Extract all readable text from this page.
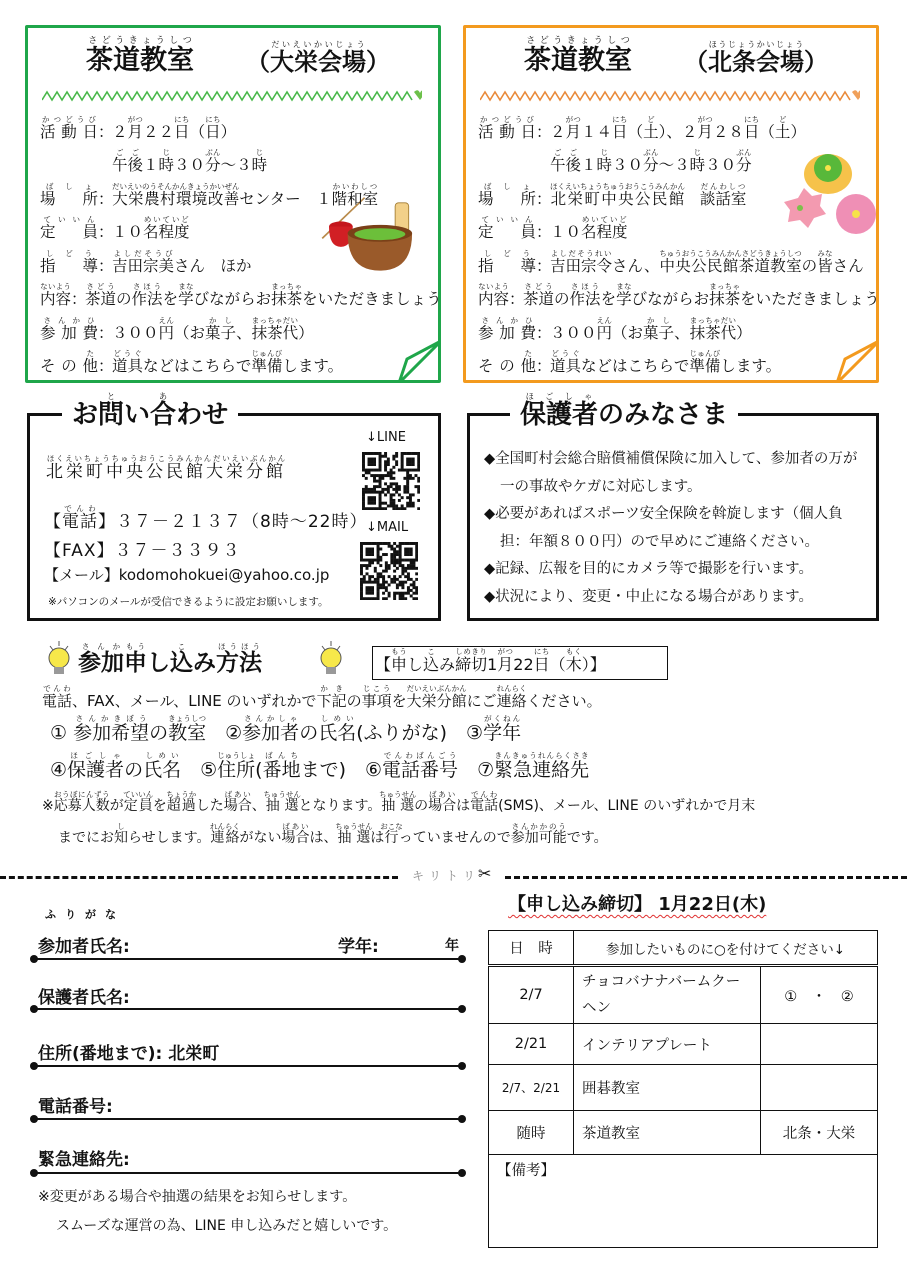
茶道教室さどうきょうしつ
（大栄会場だいえいかいじょう）
活動日かつどうび
：
２月がつ２２日にち（日にち）
午後ごご１時じ３０分ぶん～３時じ
場所ばしょ
：
大栄農村環境改善だいえいのうそんかんきょうかいぜんセンター　１階和室かいわしつ
定員ていいん
：
１０名程度めいていど
指導しどう
：
吉田宗美よしだそうびさん　ほか
内容ないよう
：
茶道さどうの作法さほうを学まなびながらお抹茶まっちゃをいただきましょう
参加費さんかひ
：
３００円えん（お菓子かし、抹茶代まっちゃだい）
その他た
：
道具どうぐなどはこちらで準備じゅんびします。
茶道教室さどうきょうしつ
（北条会場ほうじょうかいじょう）
活動日かつどうび
：
２月がつ１４日にち（土ど）、２月がつ２８日にち（土ど）
午後ごご１時じ３０分ぶん～３時じ３０分ぶん
場所ばしょ
：
北栄町中央公民館ほくえいちょうちゅうおうこうみんかん　談話室だんわしつ
定員ていいん
：
１０名程度めいていど
指導しどう
：
吉田宗令よしだそうれいさん、中央公民館茶道教室ちゅうおうこうみんかんさどうきょうしつの皆みなさん
内容ないよう
：
茶道さどうの作法さほうを学まなびながらお抹茶まっちゃをいただきましょう
参加費さんかひ
：
３００円えん（お菓子かし、抹茶代まっちゃだい）
その他た
：
道具どうぐなどはこちらで準備じゅんびします。
お問とい合あわせ
北栄町中央公民館大栄分館ほくえいちょうちゅうおうこうみんかんだいえいぶんかん
【電話でんわ】３７－２１３７（8時～22時）
【FAX】３７－３３９３
【メール】kodomohokuei@yahoo.co.jp
※パソコンのメールが受信できるように設定お願いします。
↓LINE
↓MAIL
保護者ほごしゃのみなさま
◆全国町村会総合賠償補償保険に加入して、参加者の万が一の事故やケガに対応します。
◆必要があればスポーツ安全保険を斡旋します（個人負担：年額８００円）ので早めにご連絡ください。
◆記録、広報を目的にカメラ等で撮影を行います。
◆状況により、変更・中止になる場合があります。
参加さんか申もうし込こみ方法ほうほう
【申もうし込こみ締切しめきり1月がつ22日にち（木もく）】
電話でんわ、FAX、メール、LINE のいずれかで下記かきの事項じこうを大栄分館だいえいぶんかんにご連絡れんらくください。
① 参加希望さんかきぼうの教室きょうしつ　②参加者さんかしゃの氏名しめい(ふりがな)　③学年がくねん
④保護者ほごしゃの氏名しめい　⑤住所じゅうしょ(番地ばんちまで)　⑥電話番号でんわばんごう　⑦緊急連絡先きんきゅうれんらくさき
※応募人数おうぼにんずうが定員ていいんを超過ちょうかした場合ばあい、抽選ちゅうせんとなります。抽選ちゅうせんの場合ばあいは電話でんわ(SMS)、メール、LINE のいずれかで月末
までにお知しらせします。連絡れんらくがない場合ばあいは、抽選ちゅうせんは行おこなっていませんので参加可能さんかかのうです。
キリトリ
✂
ふりがな
参加者氏名:	学年:	年
保護者氏名:
住所(番地まで): 北栄町
電話番号:
緊急連絡先:
※変更がある場合や抽選の結果をお知らせします。
スムーズな運営の為、LINE 申し込みだと嬉しいです。
【申し込み締切】 1月22日(木)
日　時	参加したいものに○を付けてください↓	
2/7	チョコバナナバームクーヘン	①　・　②
2/21	インテリアプレート	
2/7、2/21	囲碁教室	
随時	茶道教室	北条・大栄
【備考】		
